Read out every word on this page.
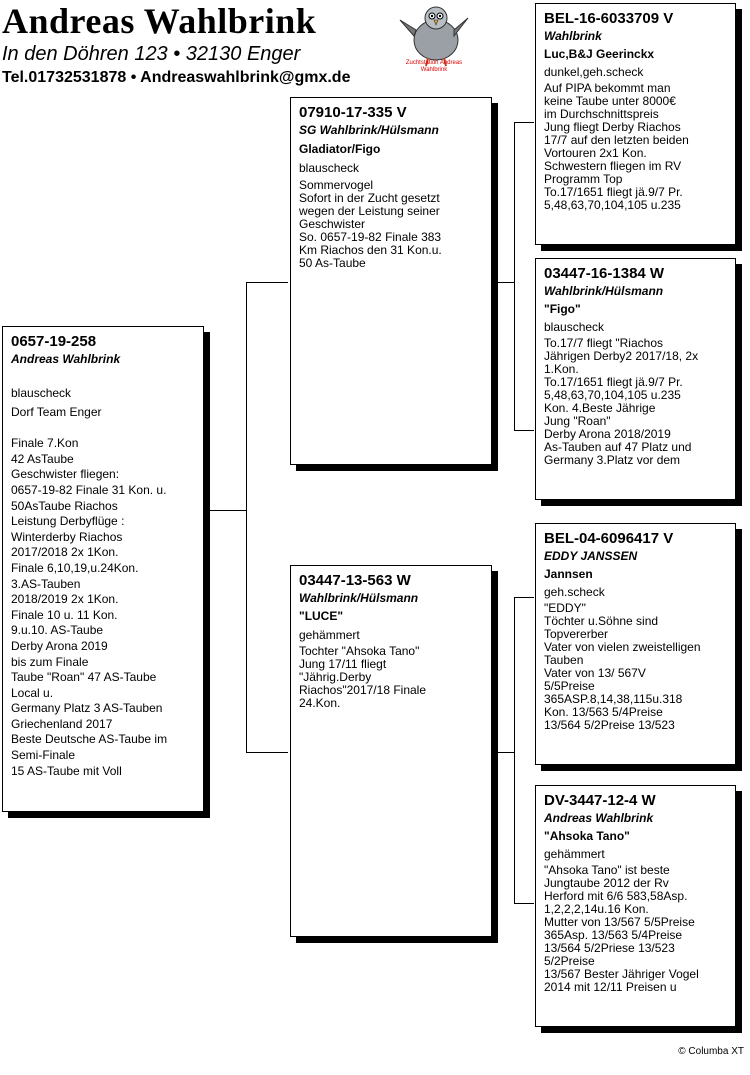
Andreas Wahlbrink
In den Döhren 123 • 32130 Enger
Tel.01732531878 • Andreaswahlbrink@gmx.de
Zuchtstation Andreas Wahlbrink
0657-19-258
Andreas Wahlbrink
blauscheck
Dorf Team Enger

Finale 7.Kon
42 AsTaube
Geschwister fliegen:
0657-19-82 Finale 31 Kon. u.
50AsTaube Riachos
Leistung Derbyflüge :
Winterderby Riachos
2017/2018 2x 1Kon.
Finale 6,10,19,u.24Kon.
3.AS-Tauben
2018/2019 2x 1Kon.
Finale 10 u. 11 Kon.
9.u.10. AS-Taube
Derby Arona 2019
bis zum Finale
Taube "Roan" 47 AS-Taube
Local u.
Germany Platz 3 AS-Tauben
Griechenland 2017
Beste Deutsche AS-Taube im
Semi-Finale
15 AS-Taube mit Voll
07910-17-335 V
SG Wahlbrink/Hülsmann
Gladiator/Figo
blauscheck
Sommervogel
Sofort in der Zucht gesetzt
wegen der Leistung seiner
Geschwister
So. 0657-19-82 Finale 383
Km Riachos den 31 Kon.u.
50 As-Taube
03447-13-563 W
Wahlbrink/Hülsmann
"LUCE"
gehämmert
Tochter "Ahsoka Tano"
Jung 17/11 fliegt
"Jährig.Derby
Riachos"2017/18 Finale
24.Kon.
BEL-16-6033709 V
Wahlbrink
Luc,B&J Geerinckx
dunkel,geh.scheck
Auf PIPA bekommt man
keine Taube unter 8000€
im Durchschnittspreis
Jung fliegt Derby Riachos
17/7 auf den letzten beiden
Vortouren 2x1 Kon.
Schwestern fliegen im RV
Programm Top
To.17/1651 fliegt jä.9/7 Pr.
5,48,63,70,104,105 u.235
03447-16-1384 W
Wahlbrink/Hülsmann
"Figo"
blauscheck
To.17/7 fliegt "Riachos
Jährigen Derby2 2017/18, 2x
1.Kon.
To.17/1651 fliegt jä.9/7 Pr.
5,48,63,70,104,105 u.235
Kon. 4.Beste Jährige
Jung "Roan"
Derby Arona 2018/2019
As-Tauben auf 47 Platz und
Germany 3.Platz vor dem
BEL-04-6096417 V
EDDY JANSSEN
Jannsen
geh.scheck
"EDDY"
Töchter u.Söhne sind
Topvererber
Vater von vielen zweistelligen
Tauben
Vater von 13/ 567V
5/5Preise
365ASP.8,14,38,115u.318
Kon. 13/563 5/4Preise
13/564 5/2Preise 13/523
DV-3447-12-4 W
Andreas Wahlbrink
"Ahsoka Tano"
gehämmert
"Ahsoka Tano" ist beste
Jungtaube 2012 der Rv
Herford mit 6/6 583,58Asp.
1,2,2,2,14u.16 Kon.
Mutter von 13/567 5/5Preise
365Asp. 13/563 5/4Preise
13/564 5/2Priese 13/523
5/2Preise
13/567 Bester Jähriger Vogel
2014 mit 12/11 Preisen u
© Columba XT
